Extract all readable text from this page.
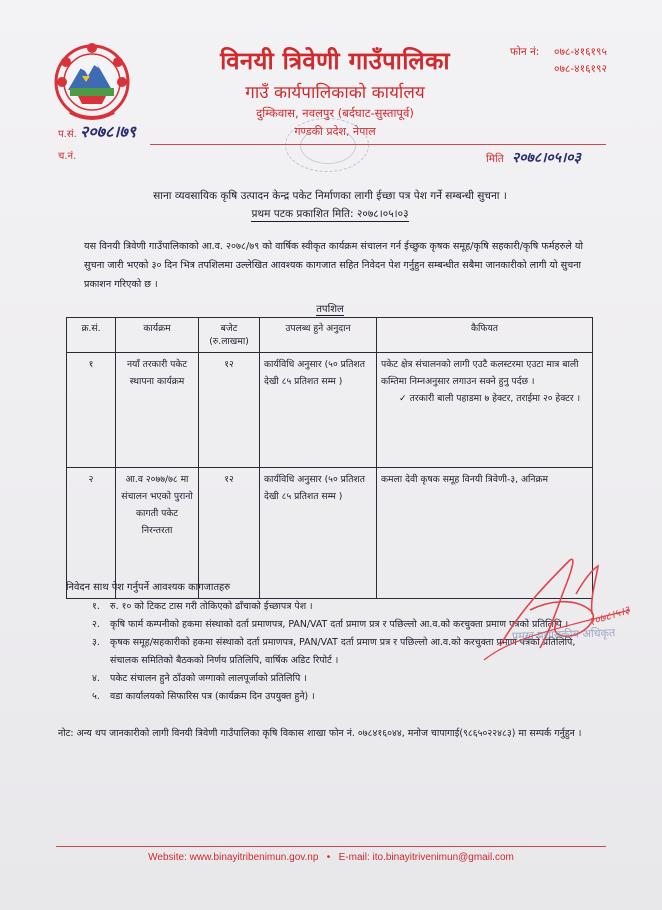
विनयी त्रिवेणी गाउँपालिका
गाउँ कार्यपालिकाको कार्यालय
दुम्किवास, नवलपुर (बर्दघाट-सुस्तापूर्व)
गण्डकी प्रदेश, नेपाल
फोन नं:	०७८-४१६१९५
०७८-४१६१९२
प.सं. २०७८।७९
च.नं.	मिति २०७८।०५।०३
साना व्यवसायिक कृषि उत्पादन केन्द्र पकेट निर्माणका लागी ईच्छा पत्र पेश गर्ने सम्बन्धी सुचना ।
प्रथम पटक प्रकाशित मिति: २०७८।०५।०३
यस विनयी त्रिवेणी गाउँपालिकाको आ.व. २०७८/७९ को वार्षिक स्वीकृत कार्यक्रम संचालन गर्न ईच्छुक कृषक समूह/कृषि सहकारी/कृषि फर्महरुले यो सुचना जारी भएको ३० दिन भित्र तपशिलमा उल्लेखित आवश्यक कागजात सहित निवेदन पेश गर्नुहुन सम्बन्धीत सबैमा जानकारीको लागी यो सुचना प्रकाशन गरिएको छ ।
तपशिल
क्र.सं.	कार्यक्रम	बजेट (रु.लाखमा)	उपलब्ध हुने अनुदान	कैफियत
१	नयाँ तरकारी पकेट स्थापना कार्यक्रम	१२	कार्यविधि अनुसार (५० प्रतिशत देखी ८५ प्रतिशत सम्म )	पकेट क्षेत्र संचालनको लागी एउटै कलस्टरमा एउटा मात्र बाली कम्तिमा निम्नअनुसार लगाउन सक्ने हुनु पर्दछ ।
✓ तरकारी बाली पहाडमा ७ हेक्टर, तराईमा २० हेक्टर ।

२	आ.व २०७७/७८ मा संचालन भएको पुरानो कागती पकेट निरन्तरता	१२	कार्यविधि अनुसार (५० प्रतिशत देखी ८५ प्रतिशत सम्म )	कमला देवी कृषक समूह विनयी त्रिवेणी-३, अनिक्रम
निवेदन साथ पेश गर्नुपर्ने आवश्यक कागजातहरु
१.	रु. १० को टिकट टास गरी तोकिएको ढाँचाको ईच्छापत्र पेश ।
२.	कृषि फार्म कम्पनीको हकमा संस्थाको दर्ता प्रमाणपत्र, PAN/VAT दर्ता प्रमाण प्रत्र र पछिल्लो आ.व.को करचुक्ता प्रमाण पत्रको प्रतिलिपि ।
३.	कृषक समूह/सहकारीको हकमा संस्थाको दर्ता प्रमाणपत्र, PAN/VAT दर्ता प्रमाण प्रत्र र पछिल्लो आ.व.को करचुक्ता प्रमाण पत्रको प्रतिलिपि, संचालक समितिको बैठकको निर्णय प्रतिलिपि, वार्षिक अडिट रिपोर्ट ।
४.	पकेट संचालन हुने ठाँउको जग्गाको लालपूर्जाको प्रतिलिपि ।
५.	वडा कार्यालयको सिफारिस पत्र (कार्यक्रम दिन उपयुक्त हुने) ।
नोट: अन्य थप जानकारीको लागी विनयी त्रिवेणी गाउँपालिका कृषि विकास शाखा फोन नं. ०७८४१६०४४, मनोज चापागाई(९८६५०२२४८३) मा सम्पर्क गर्नुहुन ।
२०७८।५।३
प्रमुख प्रशासकीय अधिकृत
Website: www.binayitribenimun.gov.np   •   E-mail: ito.binayitrivenimun@gmail.com
